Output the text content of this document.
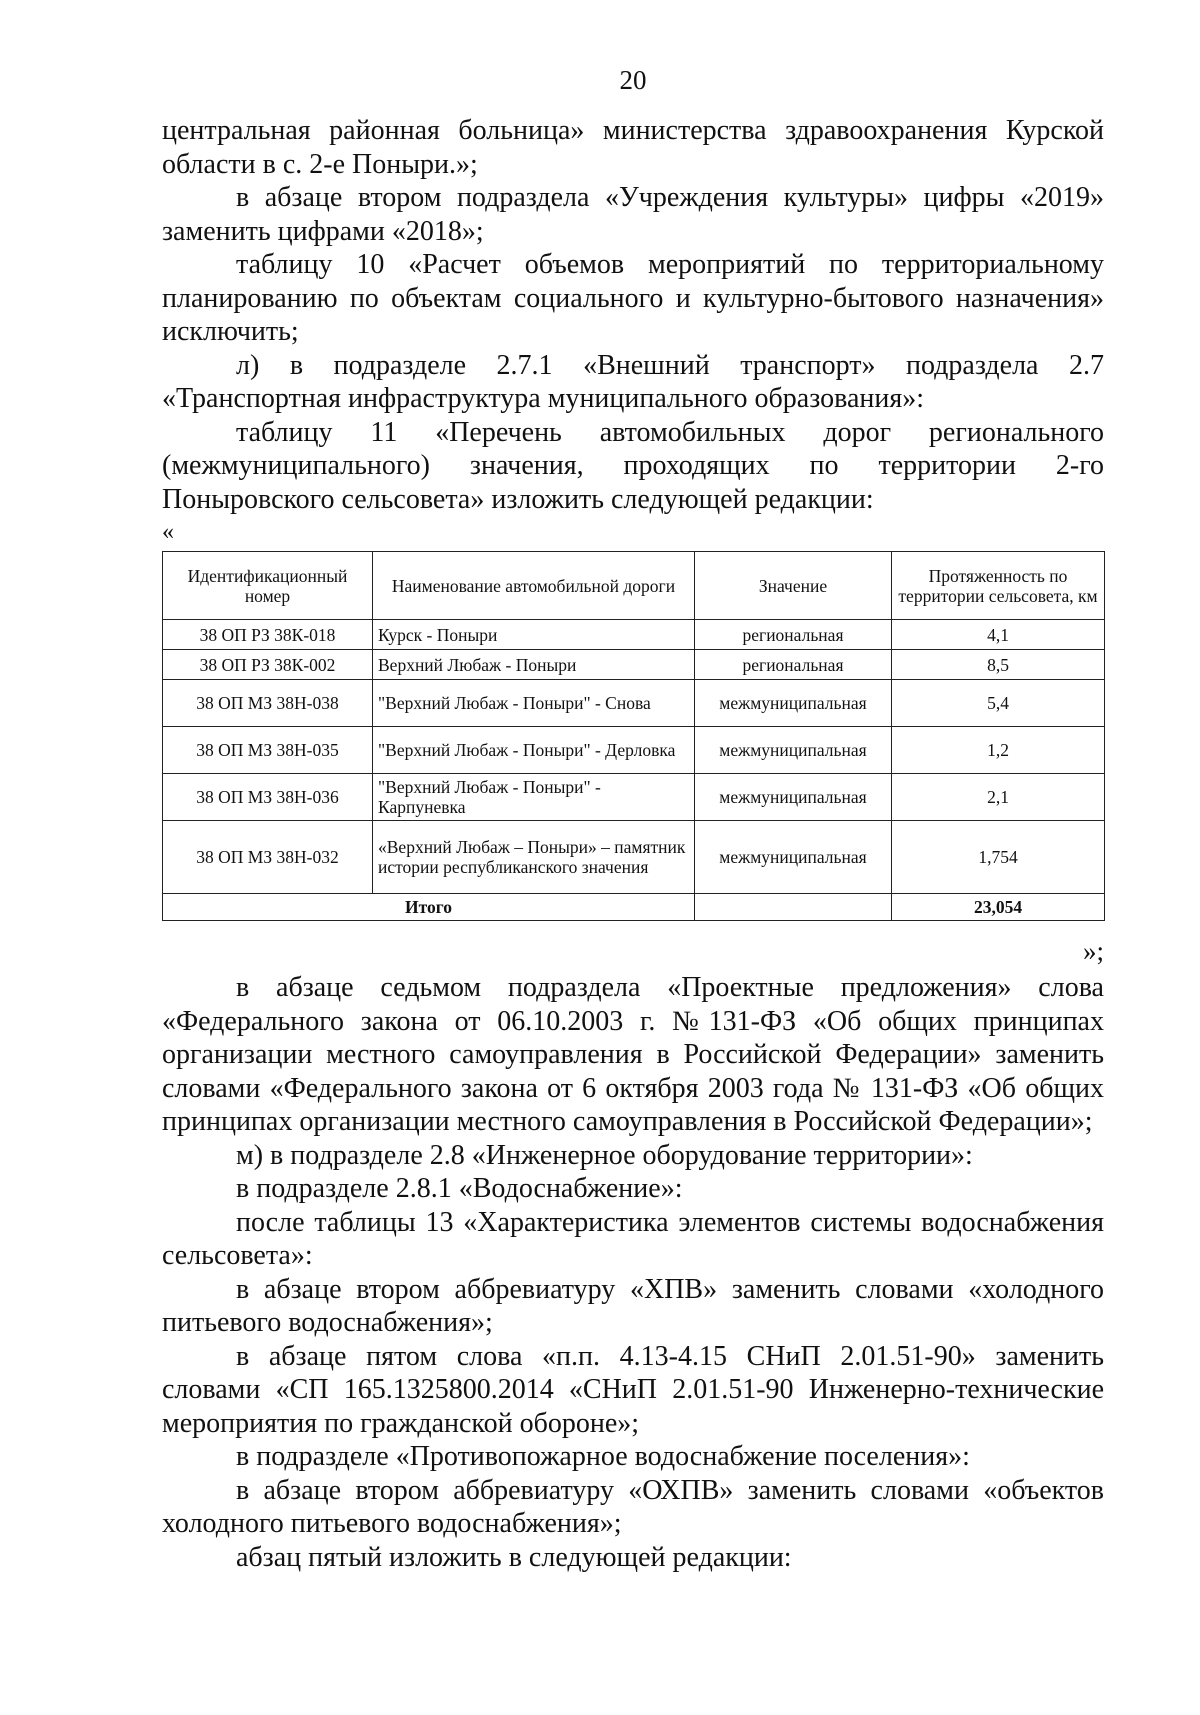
20

центральная районная больница» министерства здравоохранения Курской области в с. 2-е Поныри.»;

в абзаце втором подраздела «Учреждения культуры» цифры «2019» заменить цифрами «2018»;

таблицу 10 «Расчет объемов мероприятий по территориальному планированию по объектам социального и культурно-бытового назначения» исключить;

л) в подразделе 2.7.1 «Внешний транспорт» подраздела 2.7 «Транспортная инфраструктура муниципального образования»:

таблицу 11 «Перечень автомобильных дорог регионального (межмуниципального) значения, проходящих по территории 2-го Поныровского сельсовета» изложить следующей редакции:

«

Идентификационный номер	Наименование автомобильной дороги	Значение	Протяженность по территории сельсовета, км
38 ОП РЗ 38К-018	Курск - Поныри	региональная	4,1
38 ОП РЗ 38К-002	Верхний Любаж - Поныри	региональная	8,5
38 ОП МЗ 38Н-038	"Верхний Любаж - Поныри" - Снова	межмуниципальная	5,4
38 ОП МЗ 38Н-035	"Верхний Любаж - Поныри" - Дерловка	межмуниципальная	1,2
38 ОП МЗ 38Н-036	"Верхний Любаж - Поныри" - Карпуневка	межмуниципальная	2,1
38 ОП МЗ 38Н-032	«Верхний Любаж – Поныри» – памятник истории республиканского значения	межмуниципальная	1,754
Итого			23,054

»;

в абзаце седьмом подраздела «Проектные предложения» слова «Федерального закона от 06.10.2003 г. №131-ФЗ «Об общих принципах организации местного самоуправления в Российской Федерации» заменить словами «Федерального закона от 6 октября 2003 года № 131-ФЗ «Об общих принципах организации местного самоуправления в Российской Федерации»;

м) в подразделе 2.8 «Инженерное оборудование территории»:

в подразделе 2.8.1 «Водоснабжение»:

после таблицы 13 «Характеристика элементов системы водоснабжения сельсовета»:

в абзаце втором аббревиатуру «ХПВ» заменить словами «холодного питьевого водоснабжения»;

в абзаце пятом слова «п.п. 4.13-4.15 СНиП 2.01.51-90» заменить словами «СП 165.1325800.2014 «СНиП 2.01.51-90 Инженерно-технические мероприятия по гражданской обороне»;

в подразделе «Противопожарное водоснабжение поселения»:

в абзаце втором аббревиатуру «ОХПВ» заменить словами «объектов холодного питьевого водоснабжения»;

абзац пятый изложить в следующей редакции:
